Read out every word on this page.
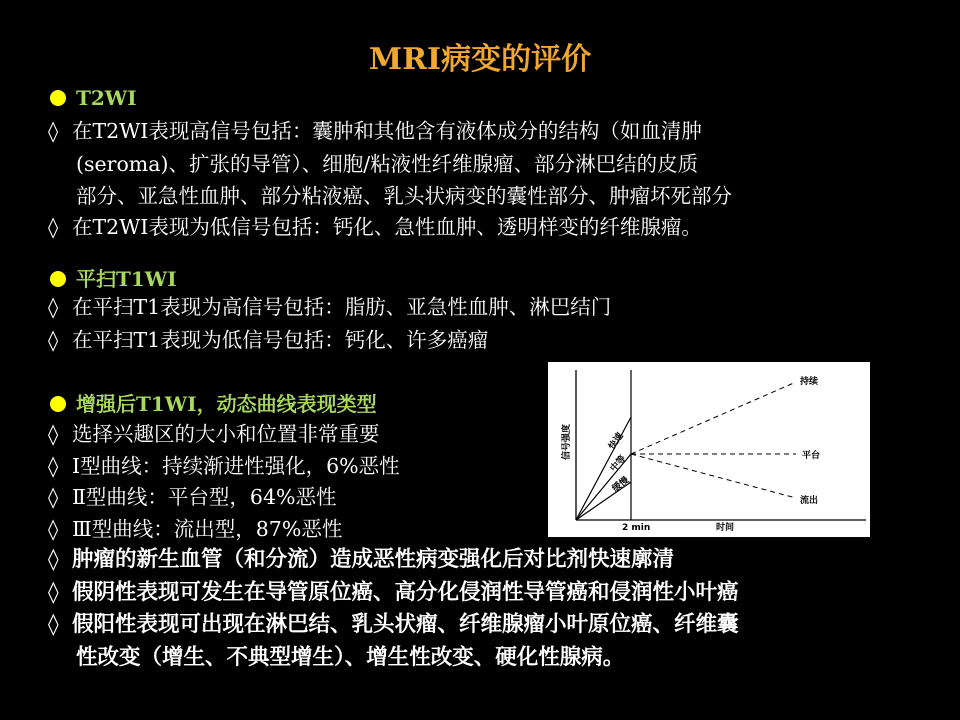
MRI病变的评价
T2WI
◊ 在T2WI表现高信号包括：囊肿和其他含有液体成分的结构（如血清肿
(seroma)、扩张的导管）、细胞/粘液性纤维腺瘤、部分淋巴结的皮质
部分、亚急性血肿、部分粘液癌、乳头状病变的囊性部分、肿瘤坏死部分
◊ 在T2WI表现为低信号包括：钙化、急性血肿、透明样变的纤维腺瘤。
平扫T1WI
◊ 在平扫T1表现为高信号包括：脂肪、亚急性血肿、淋巴结门
◊ 在平扫T1表现为低信号包括：钙化、许多癌瘤
增强后T1WI，动态曲线表现类型
◊ 选择兴趣区的大小和位置非常重要
◊ Ⅰ型曲线：持续渐进性强化，6%恶性
◊ Ⅱ型曲线：平台型，64%恶性
◊ Ⅲ型曲线：流出型，87%恶性
◊ 肿瘤的新生血管（和分流）造成恶性病变强化后对比剂快速廓清
◊ 假阴性表现可发生在导管原位癌、高分化侵润性导管癌和侵润性小叶癌
◊ 假阳性表现可出现在淋巴结、乳头状瘤、纤维腺瘤小叶原位癌、纤维囊
性改变（增生、不典型增生）、增生性改变、硬化性腺病。
信号强度	快速
中等
缓慢
持续
平台
流出
2 min	时间
